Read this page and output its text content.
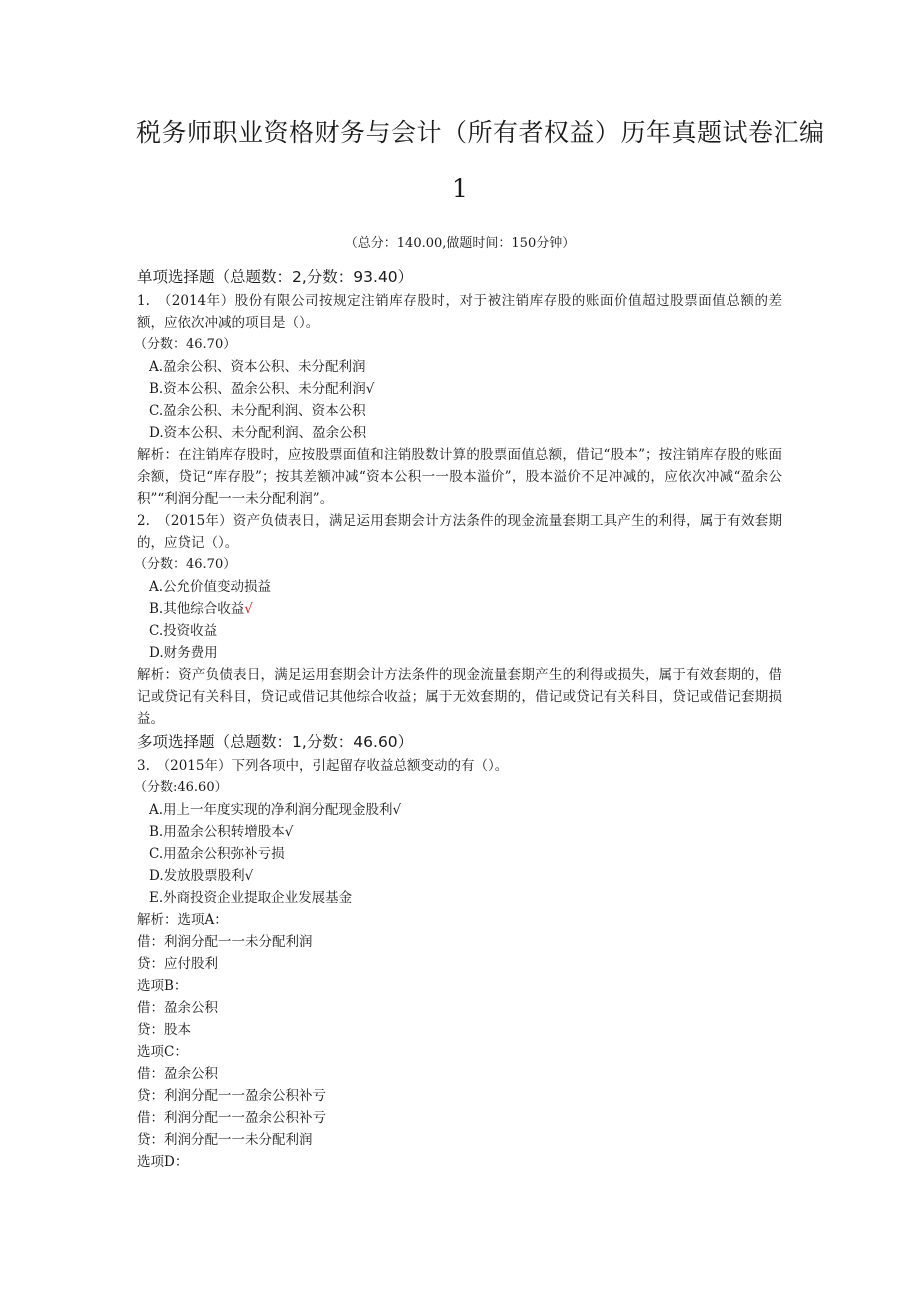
税务师职业资格财务与会计（所有者权益）历年真题试卷汇编
1
（总分：140.00,做题时间：150分钟）
单项选择题（总题数：2,分数：93.40）
1.　（2014年）股份有限公司按规定注销库存股时，对于被注销库存股的账面价值超过股票面值总额的差额，应依次冲减的项目是（）。
（分数：46.70）
A.盈余公积、资本公积、未分配利润
B.资本公积、盈余公积、未分配利润√
C.盈余公积、未分配利润、资本公积
D.资本公积、未分配利润、盈余公积
解析：在注销库存股时，应按股票面值和注销股数计算的股票面值总额，借记“股本”；按注销库存股的账面余额，贷记“库存股”；按其差额冲减“资本公积一一股本溢价”，股本溢价不足冲减的，应依次冲减“盈余公积”“利润分配一一未分配利润”。
2.　（2015年）资产负债表日，满足运用套期会计方法条件的现金流量套期工具产生的利得，属于有效套期的，应贷记（）。
（分数：46.70）
A.公允价值变动损益
B.其他综合收益√
C.投资收益
D.财务费用
解析：资产负债表日，满足运用套期会计方法条件的现金流量套期产生的利得或损失，属于有效套期的，借记或贷记有关科目，贷记或借记其他综合收益；属于无效套期的，借记或贷记有关科目，贷记或借记套期损益。
多项选择题（总题数：1,分数：46.60）
3.　（2015年）下列各项中，引起留存收益总额变动的有（）。
（分数:46.60）
A.用上一年度实现的净利润分配现金股利√
B.用盈余公积转增股本√
C.用盈余公积弥补亏损
D.发放股票股利√
E.外商投资企业提取企业发展基金
解析：选项A：
借：利润分配一一未分配利润
贷：应付股利
选项B：
借：盈余公积
贷：股本
选项C：
借：盈余公积
贷：利润分配一一盈余公积补亏
借：利润分配一一盈余公积补亏
贷：利润分配一一未分配利润
选项D：
